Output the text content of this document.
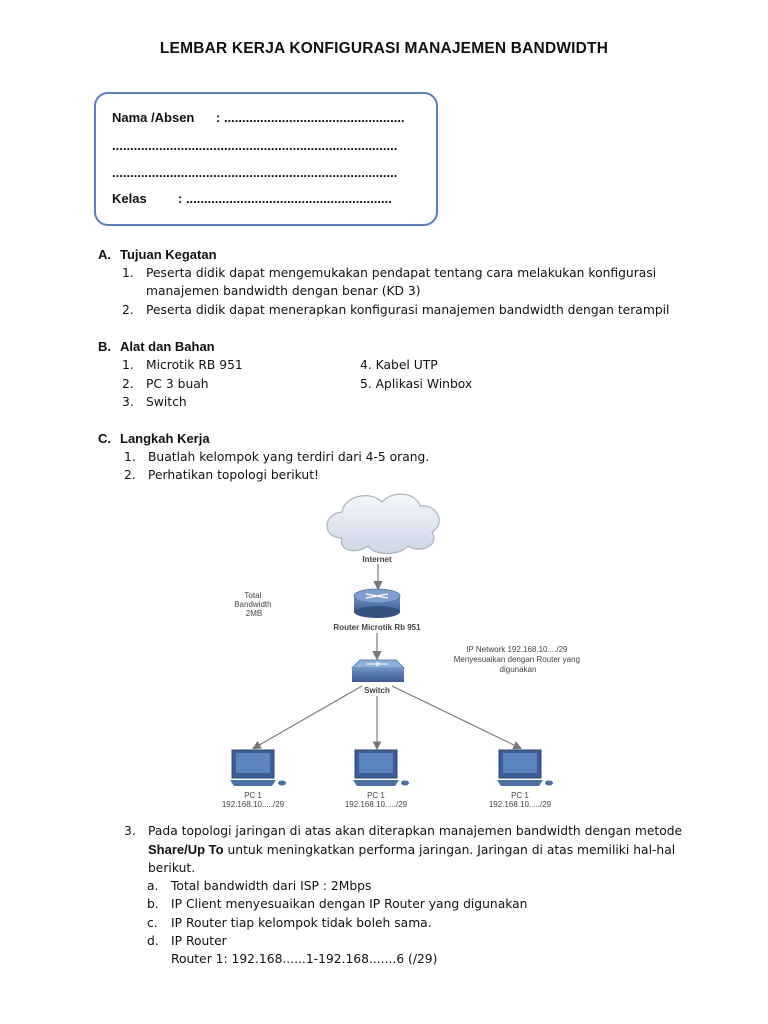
LEMBAR KERJA KONFIGURASI MANAJEMEN BANDWIDTH
Nama /Absen : ..................................................
...............................................................................
...............................................................................
Kelas : .........................................................
A. Tujuan Kegatan
1. Peserta didik dapat mengemukakan pendapat tentang cara melakukan konfigurasi
manajemen bandwidth dengan benar (KD 3)
2. Peserta didik dapat menerapkan konfigurasi manajemen bandwidth dengan terampil
B. Alat dan Bahan
1. Microtik RB 951
2. PC 3 buah
3. Switch
4. Kabel UTP
5. Aplikasi Winbox
C. Langkah Kerja
1. Buatlah kelompok yang terdiri dari 4-5 orang.
2. Perhatikan topologi berikut!
Internet
Total Bandwidth 2MB
Router Microtik Rb 951
IP Network 192.168.10..../29 Menyesuaikan dengan Router yang digunakan
Switch
PC 1
192.168.10...../29
PC 1
192.168.10...../29
PC 1
192.168.10...../29
3. Pada topologi jaringan di atas akan diterapkan manajemen bandwidth dengan metode
Share/Up To untuk meningkatkan performa jaringan. Jaringan di atas memiliki hal-hal
berikut.
a. Total bandwidth dari ISP : 2Mbps
b. IP Client menyesuaikan dengan IP Router yang digunakan
c. IP Router tiap kelompok tidak boleh sama.
d. IP Router
Router 1: 192.168......1-192.168.......6 (/29)
